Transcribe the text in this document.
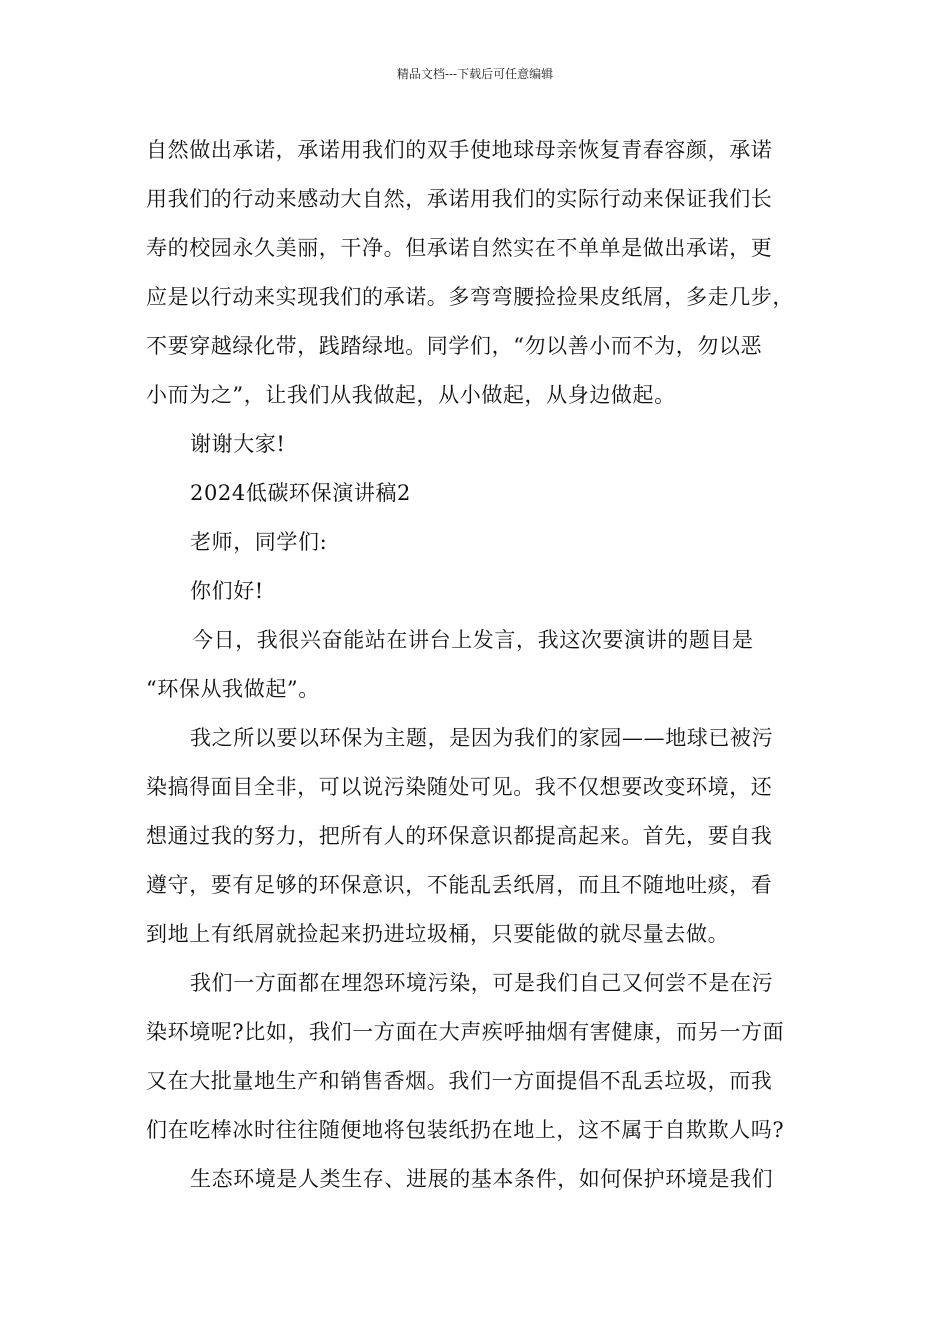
精品文档---下载后可任意编辑
自然做出承诺，承诺用我们的双手使地球母亲恢复青春容颜，承诺
用我们的行动来感动大自然，承诺用我们的实际行动来保证我们长
寿的校园永久美丽，干净。但承诺自然实在不单单是做出承诺，更
应是以行动来实现我们的承诺。多弯弯腰捡捡果皮纸屑，多走几步，
不要穿越绿化带，践踏绿地。同学们，“勿以善小而不为，勿以恶
小而为之”，让我们从我做起，从小做起，从身边做起。
谢谢大家!
2024低碳环保演讲稿2
老师，同学们:
你们好!
今日，我很兴奋能站在讲台上发言，我这次要演讲的题目是
“环保从我做起”。
我之所以要以环保为主题，是因为我们的家园——地球已被污
染搞得面目全非，可以说污染随处可见。我不仅想要改变环境，还
想通过我的努力，把所有人的环保意识都提高起来。首先，要自我
遵守，要有足够的环保意识，不能乱丢纸屑，而且不随地吐痰，看
到地上有纸屑就捡起来扔进垃圾桶，只要能做的就尽量去做。
我们一方面都在埋怨环境污染，可是我们自己又何尝不是在污
染环境呢?比如，我们一方面在大声疾呼抽烟有害健康，而另一方面
又在大批量地生产和销售香烟。我们一方面提倡不乱丢垃圾，而我
们在吃棒冰时往往随便地将包装纸扔在地上，这不属于自欺欺人吗?
生态环境是人类生存、进展的基本条件，如何保护环境是我们
